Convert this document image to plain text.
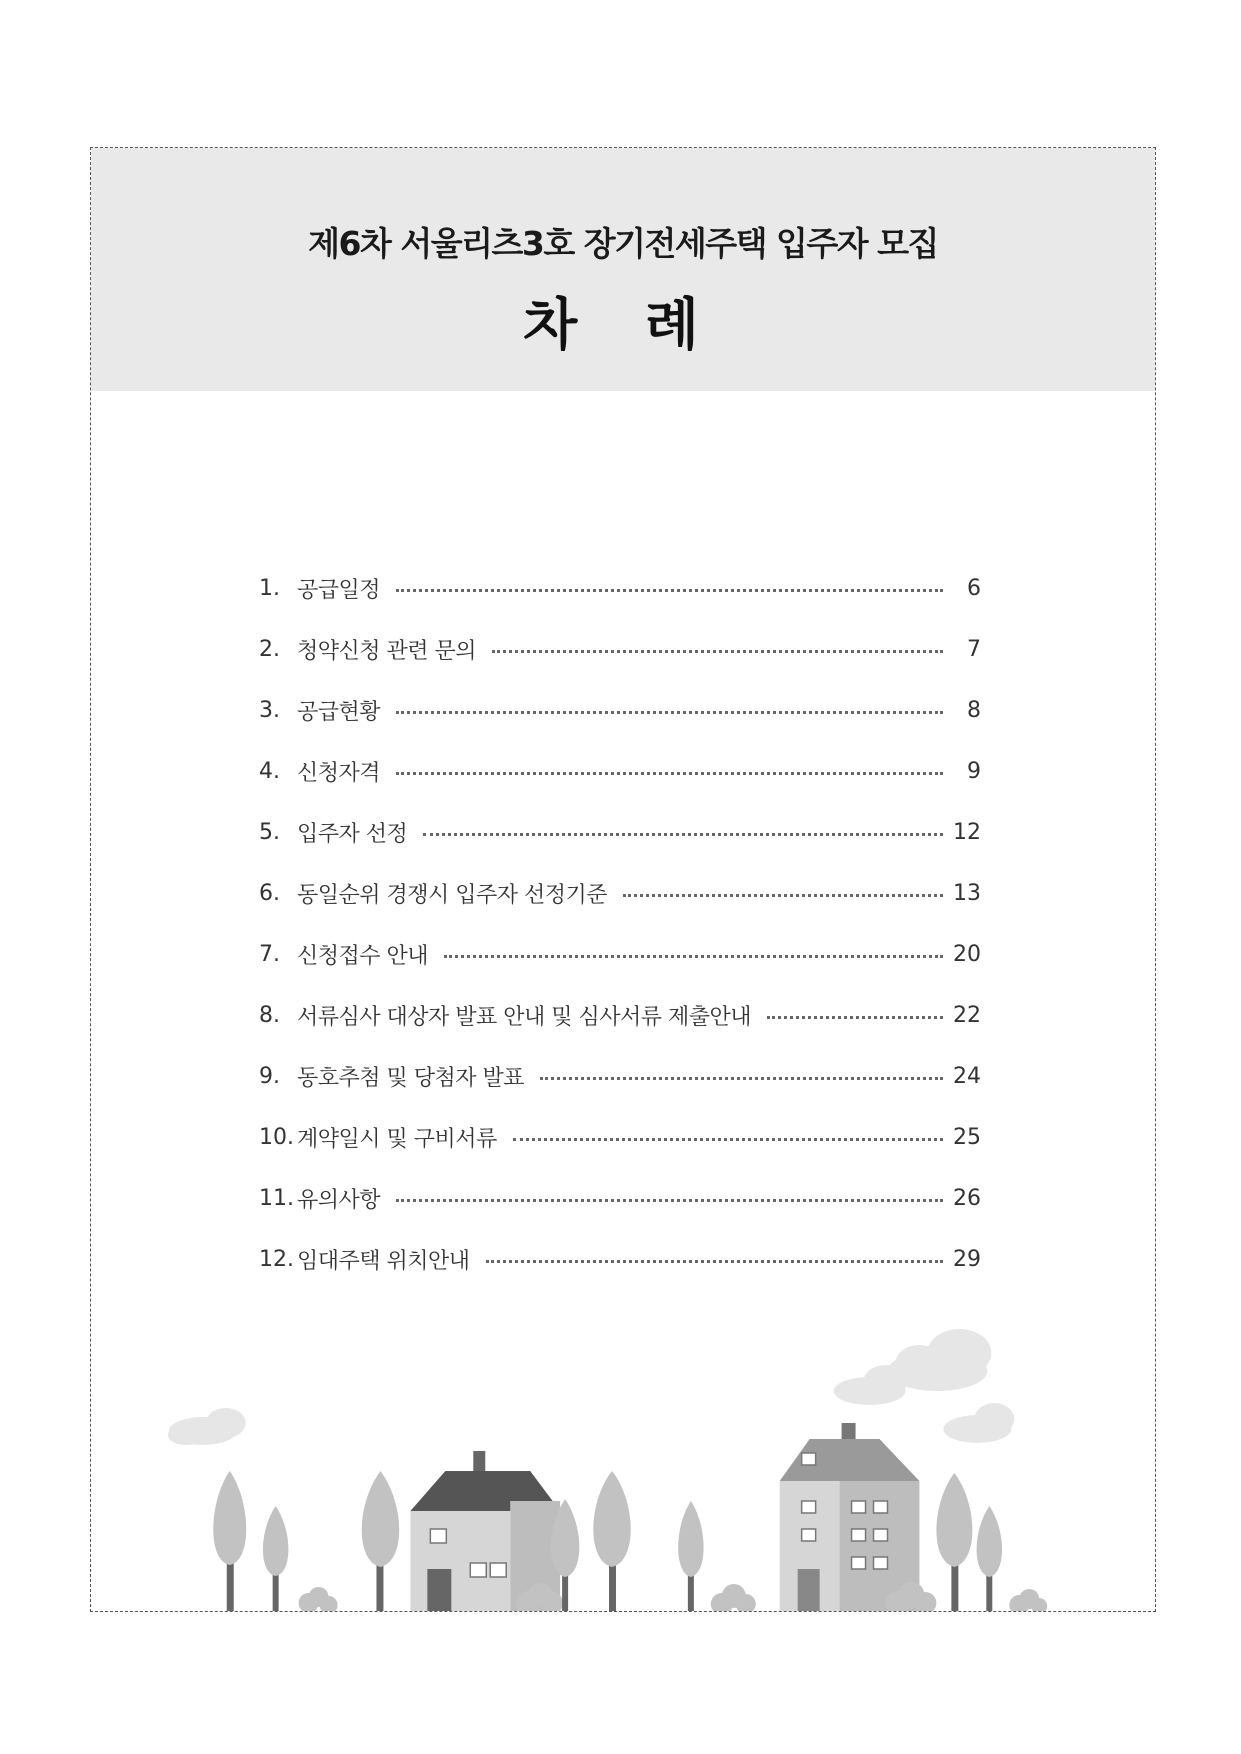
제6차 서울리츠3호 장기전세주택 입주자 모집
차 례
1. 공급일정	6
2. 청약신청 관련 문의	7
3. 공급현황	8
4. 신청자격	9
5. 입주자 선정	12
6. 동일순위 경쟁시 입주자 선정기준	13
7. 신청접수 안내	20
8. 서류심사 대상자 발표 안내 및 심사서류 제출안내	22
9. 동호추첨 및 당첨자 발표	24
10. 계약일시 및 구비서류	25
11. 유의사항	26
12. 임대주택 위치안내	29
